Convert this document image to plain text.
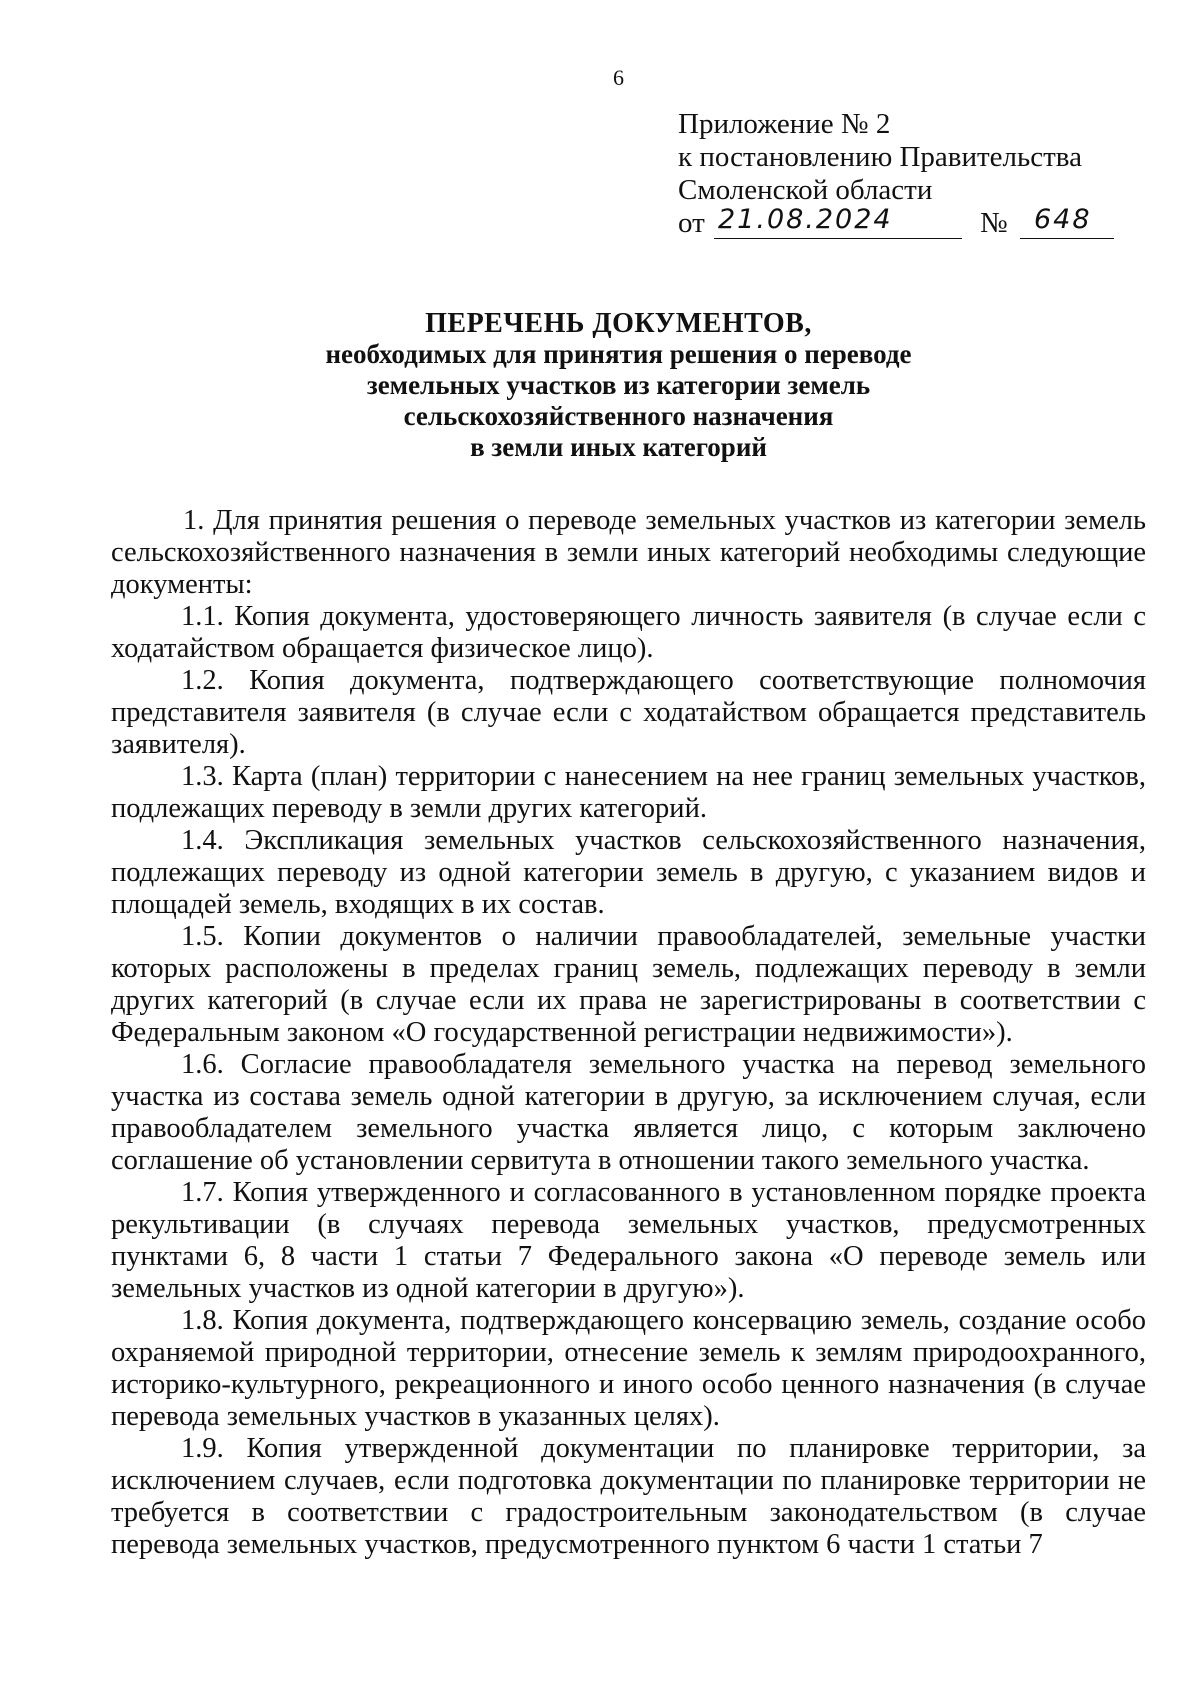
6
Приложение № 2
к постановлению Правительства
Смоленской области
от 21.08.2024	№ 648
ПЕРЕЧЕНЬ ДОКУМЕНТОВ,
необходимых для принятия решения о переводе
земельных участков из категории земель
сельскохозяйственного назначения
в земли иных категорий

1. Для принятия решения о переводе земельных участков из категории земель сельскохозяйственного назначения в земли иных категорий необходимы следующие документы:

1.1. Копия документа, удостоверяющего личность заявителя (в случае если с ходатайством обращается физическое лицо).

1.2. Копия документа, подтверждающего соответствующие полномочия представителя заявителя (в случае если с ходатайством обращается представитель заявителя).

1.3. Карта (план) территории с нанесением на нее границ земельных участков, подлежащих переводу в земли других категорий.

1.4. Экспликация земельных участков сельскохозяйственного назначения, подлежащих переводу из одной категории земель в другую, с указанием видов и площадей земель, входящих в их состав.

1.5. Копии документов о наличии правообладателей, земельные участки которых расположены в пределах границ земель, подлежащих переводу в земли других категорий (в случае если их права не зарегистрированы в соответствии с Федеральным законом «О государственной регистрации недвижимости»).

1.6. Согласие правообладателя земельного участка на перевод земельного участка из состава земель одной категории в другую, за исключением случая, если правообладателем земельного участка является лицо, с которым заключено соглашение об установлении сервитута в отношении такого земельного участка.

1.7. Копия утвержденного и согласованного в установленном порядке проекта рекультивации (в случаях перевода земельных участков, предусмотренных пунктами 6, 8 части 1 статьи 7 Федерального закона «О переводе земель или земельных участков из одной категории в другую»).

1.8. Копия документа, подтверждающего консервацию земель, создание особо охраняемой природной территории, отнесение земель к землям природоохранного, историко-культурного, рекреационного и иного особо ценного назначения (в случае перевода земельных участков в указанных целях).

1.9. Копия утвержденной документации по планировке территории, за исключением случаев, если подготовка документации по планировке территории не требуется в соответствии с градостроительным законодательством (в случае перевода земельных участков, предусмотренного пунктом 6 части 1 статьи 7
